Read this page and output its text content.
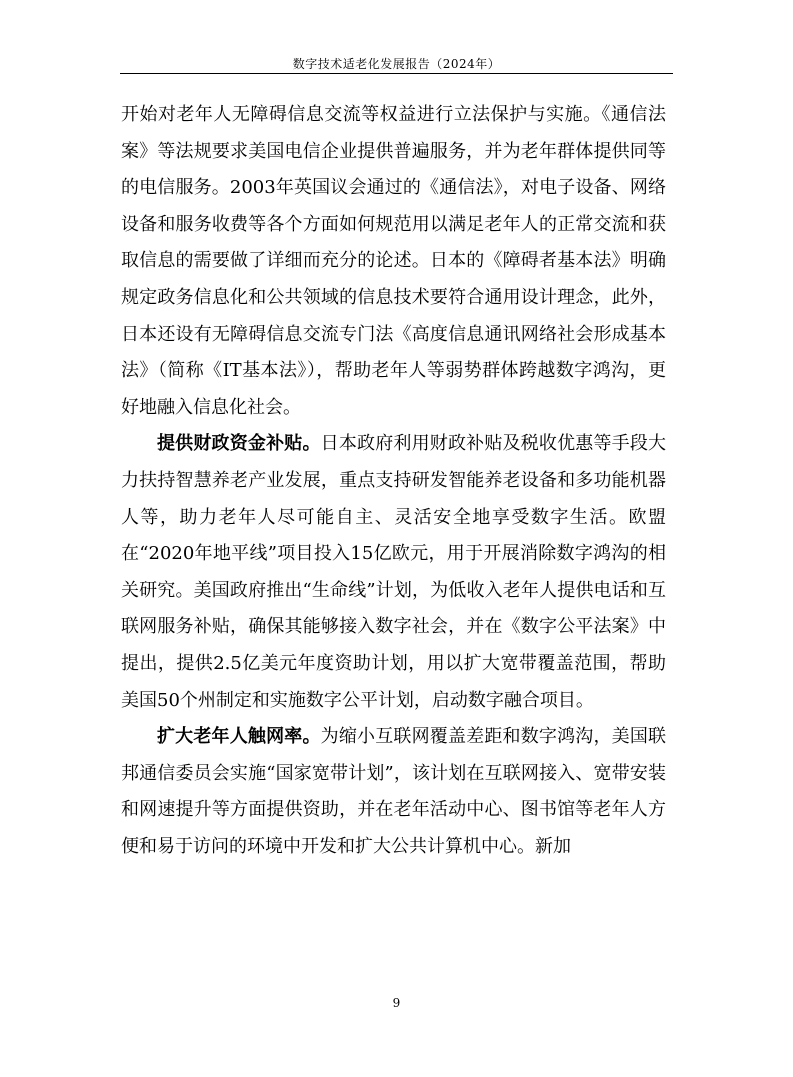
数字技术适老化发展报告（2024年）

开始对老年人无障碍信息交流等权益进行立法保护与实施。《通信法案》等法规要求美国电信企业提供普遍服务，并为老年群体提供同等的电信服务。2003年英国议会通过的《通信法》，对电子设备、网络设备和服务收费等各个方面如何规范用以满足老年人的正常交流和获取信息的需要做了详细而充分的论述。日本的《障碍者基本法》明确规定政务信息化和公共领域的信息技术要符合通用设计理念，此外，日本还设有无障碍信息交流专门法《高度信息通讯网络社会形成基本法》（简称《IT基本法》），帮助老年人等弱势群体跨越数字鸿沟，更好地融入信息化社会。

提供财政资金补贴。日本政府利用财政补贴及税收优惠等手段大力扶持智慧养老产业发展，重点支持研发智能养老设备和多功能机器人等，助力老年人尽可能自主、灵活安全地享受数字生活。欧盟在“2020年地平线”项目投入15亿欧元，用于开展消除数字鸿沟的相关研究。美国政府推出“生命线”计划，为低收入老年人提供电话和互联网服务补贴，确保其能够接入数字社会，并在《数字公平法案》中提出，提供2.5亿美元年度资助计划，用以扩大宽带覆盖范围，帮助美国50个州制定和实施数字公平计划，启动数字融合项目。

扩大老年人触网率。为缩小互联网覆盖差距和数字鸿沟，美国联邦通信委员会实施“国家宽带计划”，该计划在互联网接入、宽带安装和网速提升等方面提供资助，并在老年活动中心、图书馆等老年人方便和易于访问的环境中开发和扩大公共计算机中心。新加

9
